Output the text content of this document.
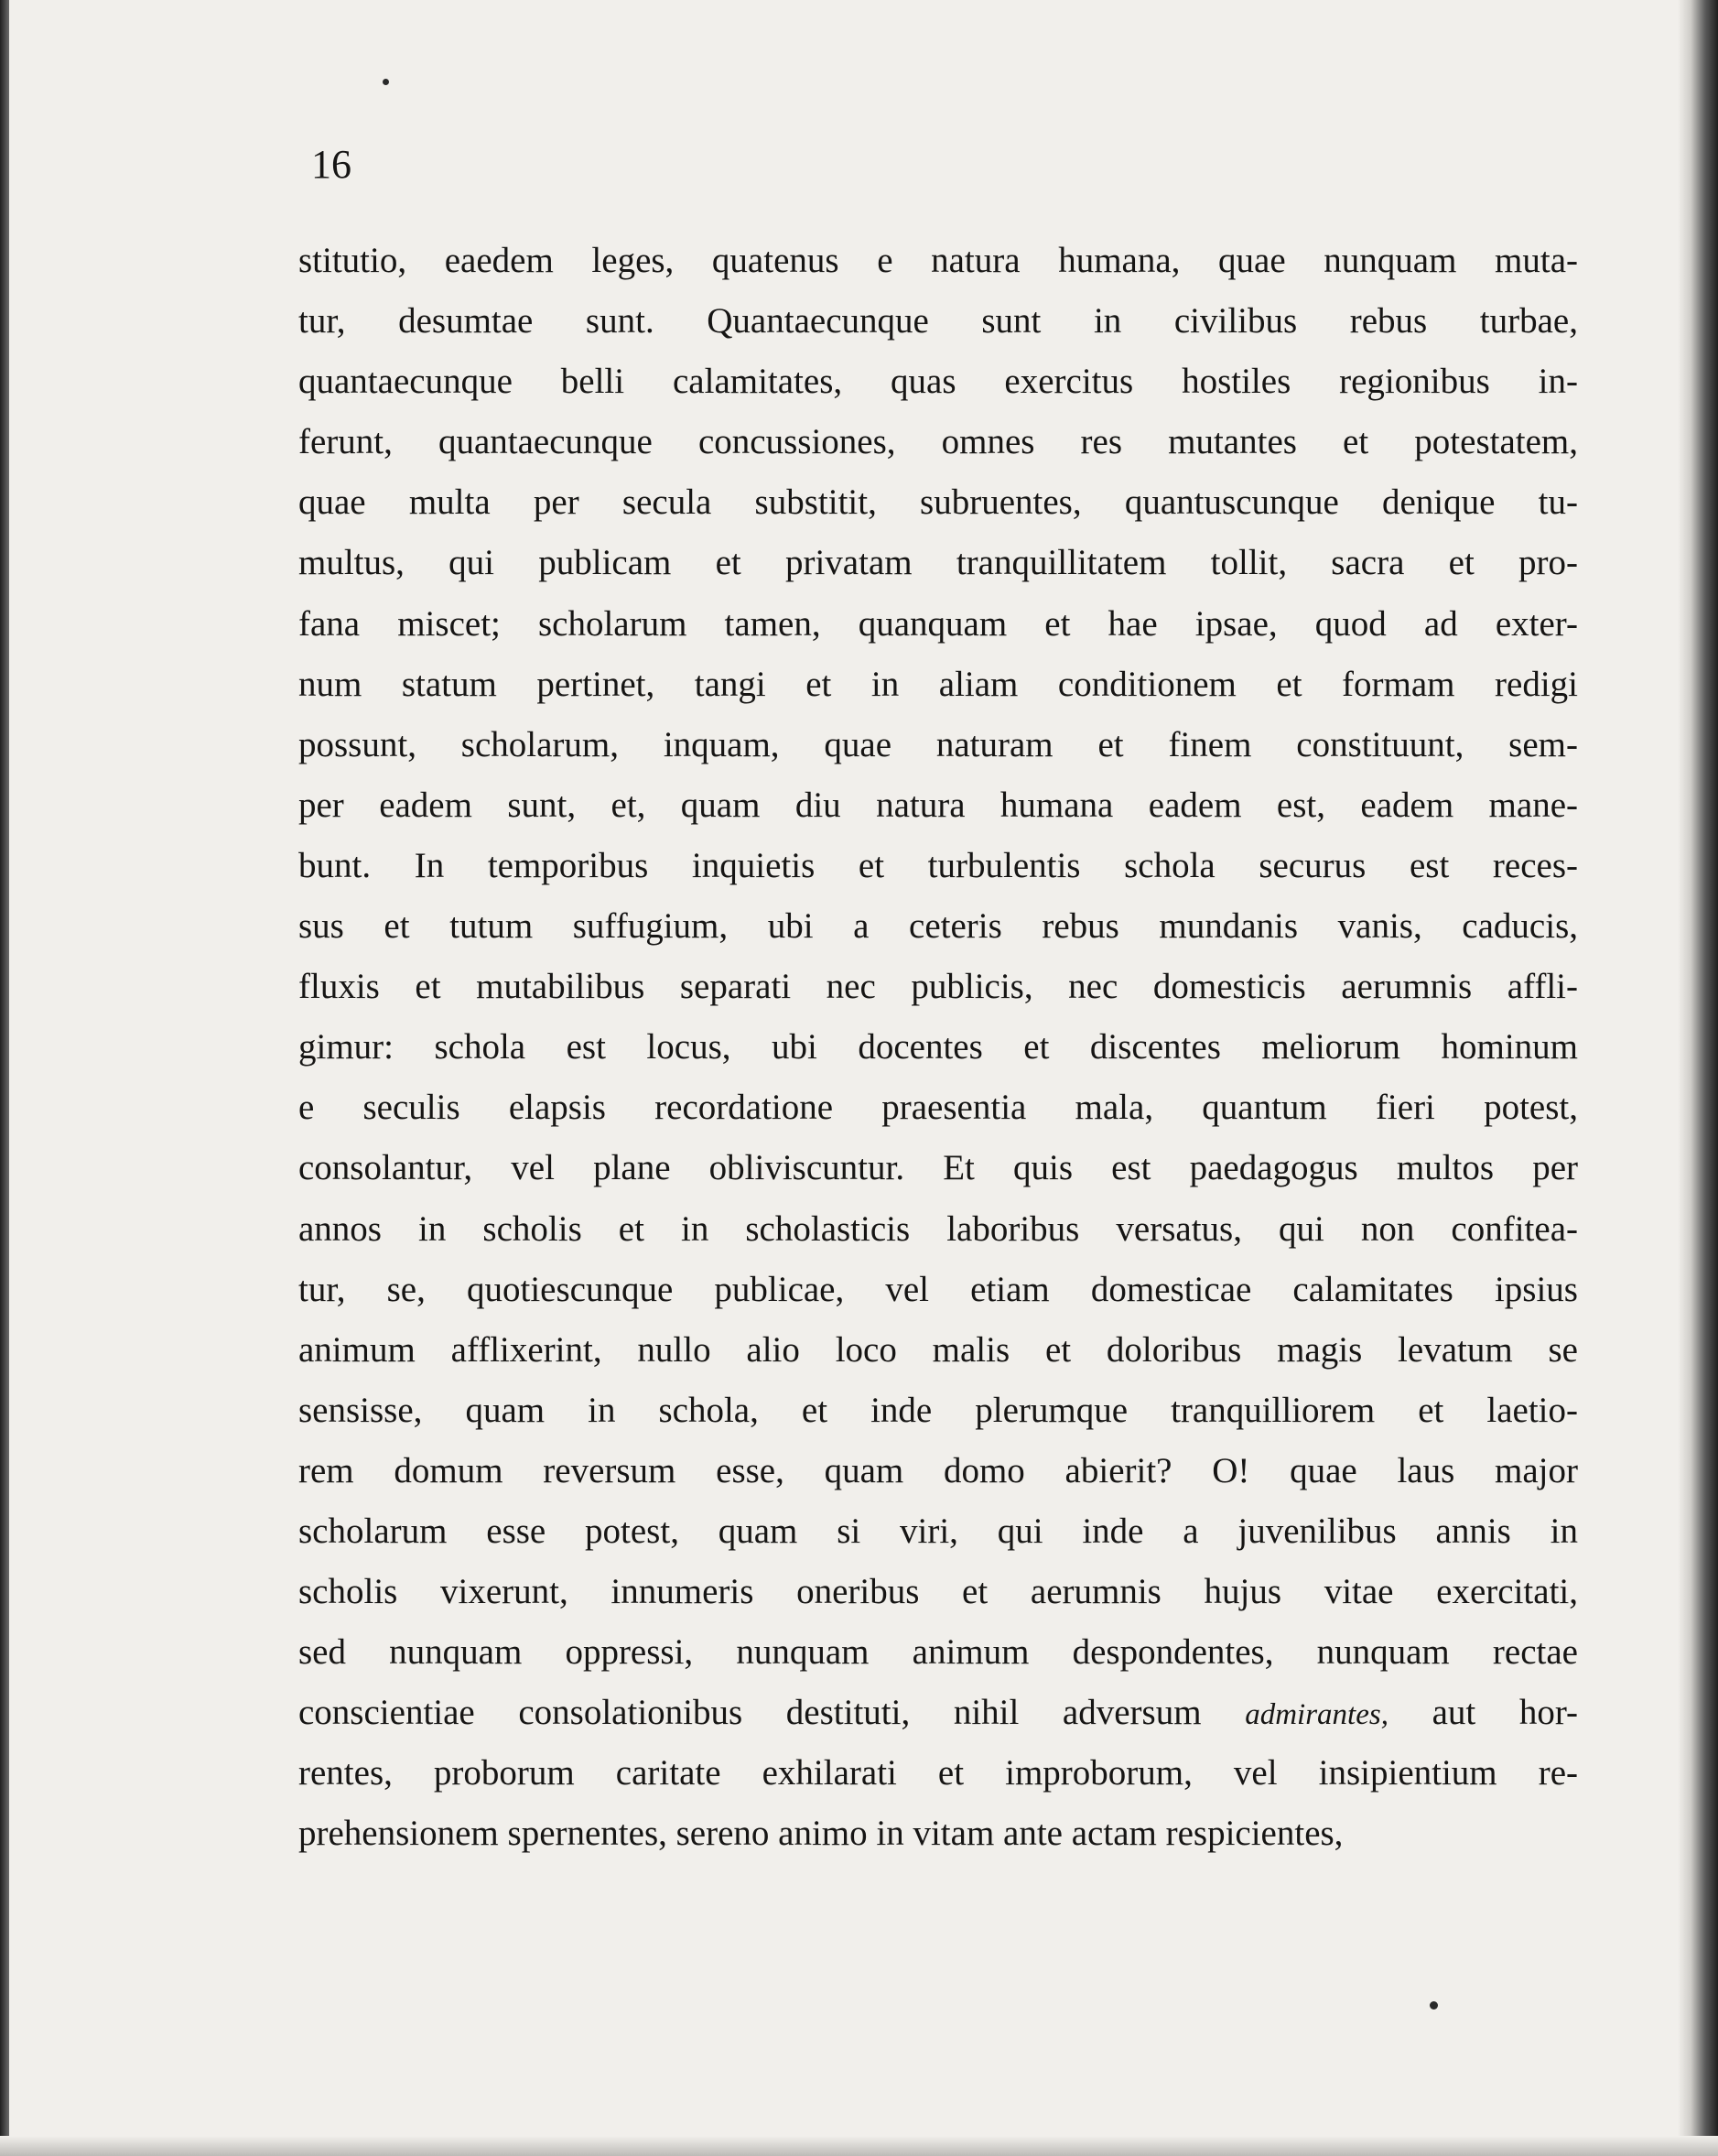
16
stitutio, eaedem leges, quatenus e natura humana, quae nunquam muta-
tur, desumtae sunt. Quantaecunque sunt in civilibus rebus turbae,
quantaecunque belli calamitates, quas exercitus hostiles regionibus in-
ferunt, quantaecunque concussiones, omnes res mutantes et potestatem,
quae multa per secula substitit, subruentes, quantuscunque denique tu-
multus, qui publicam et privatam tranquillitatem tollit, sacra et pro-
fana miscet; scholarum tamen, quanquam et hae ipsae, quod ad exter-
num statum pertinet, tangi et in aliam conditionem et formam redigi
possunt, scholarum, inquam, quae naturam et finem constituunt, sem-
per eadem sunt, et, quam diu natura humana eadem est, eadem mane-
bunt. In temporibus inquietis et turbulentis schola securus est reces-
sus et tutum suffugium, ubi a ceteris rebus mundanis vanis, caducis,
fluxis et mutabilibus separati nec publicis, nec domesticis aerumnis affli-
gimur: schola est locus, ubi docentes et discentes meliorum hominum
e seculis elapsis recordatione praesentia mala, quantum fieri potest,
consolantur, vel plane obliviscuntur. Et quis est paedagogus multos per
annos in scholis et in scholasticis laboribus versatus, qui non confitea-
tur, se, quotiescunque publicae, vel etiam domesticae calamitates ipsius
animum afflixerint, nullo alio loco malis et doloribus magis levatum se
sensisse, quam in schola, et inde plerumque tranquilliorem et laetio-
rem domum reversum esse, quam domo abierit? O! quae laus major
scholarum esse potest, quam si viri, qui inde a juvenilibus annis in
scholis vixerunt, innumeris oneribus et aerumnis hujus vitae exercitati,
sed nunquam oppressi, nunquam animum despondentes, nunquam rectae
conscientiae consolationibus destituti, nihil adversum admirantes, aut hor-
rentes, proborum caritate exhilarati et improborum, vel insipientium re-
prehensionem spernentes, sereno animo in vitam ante actam respicientes,
